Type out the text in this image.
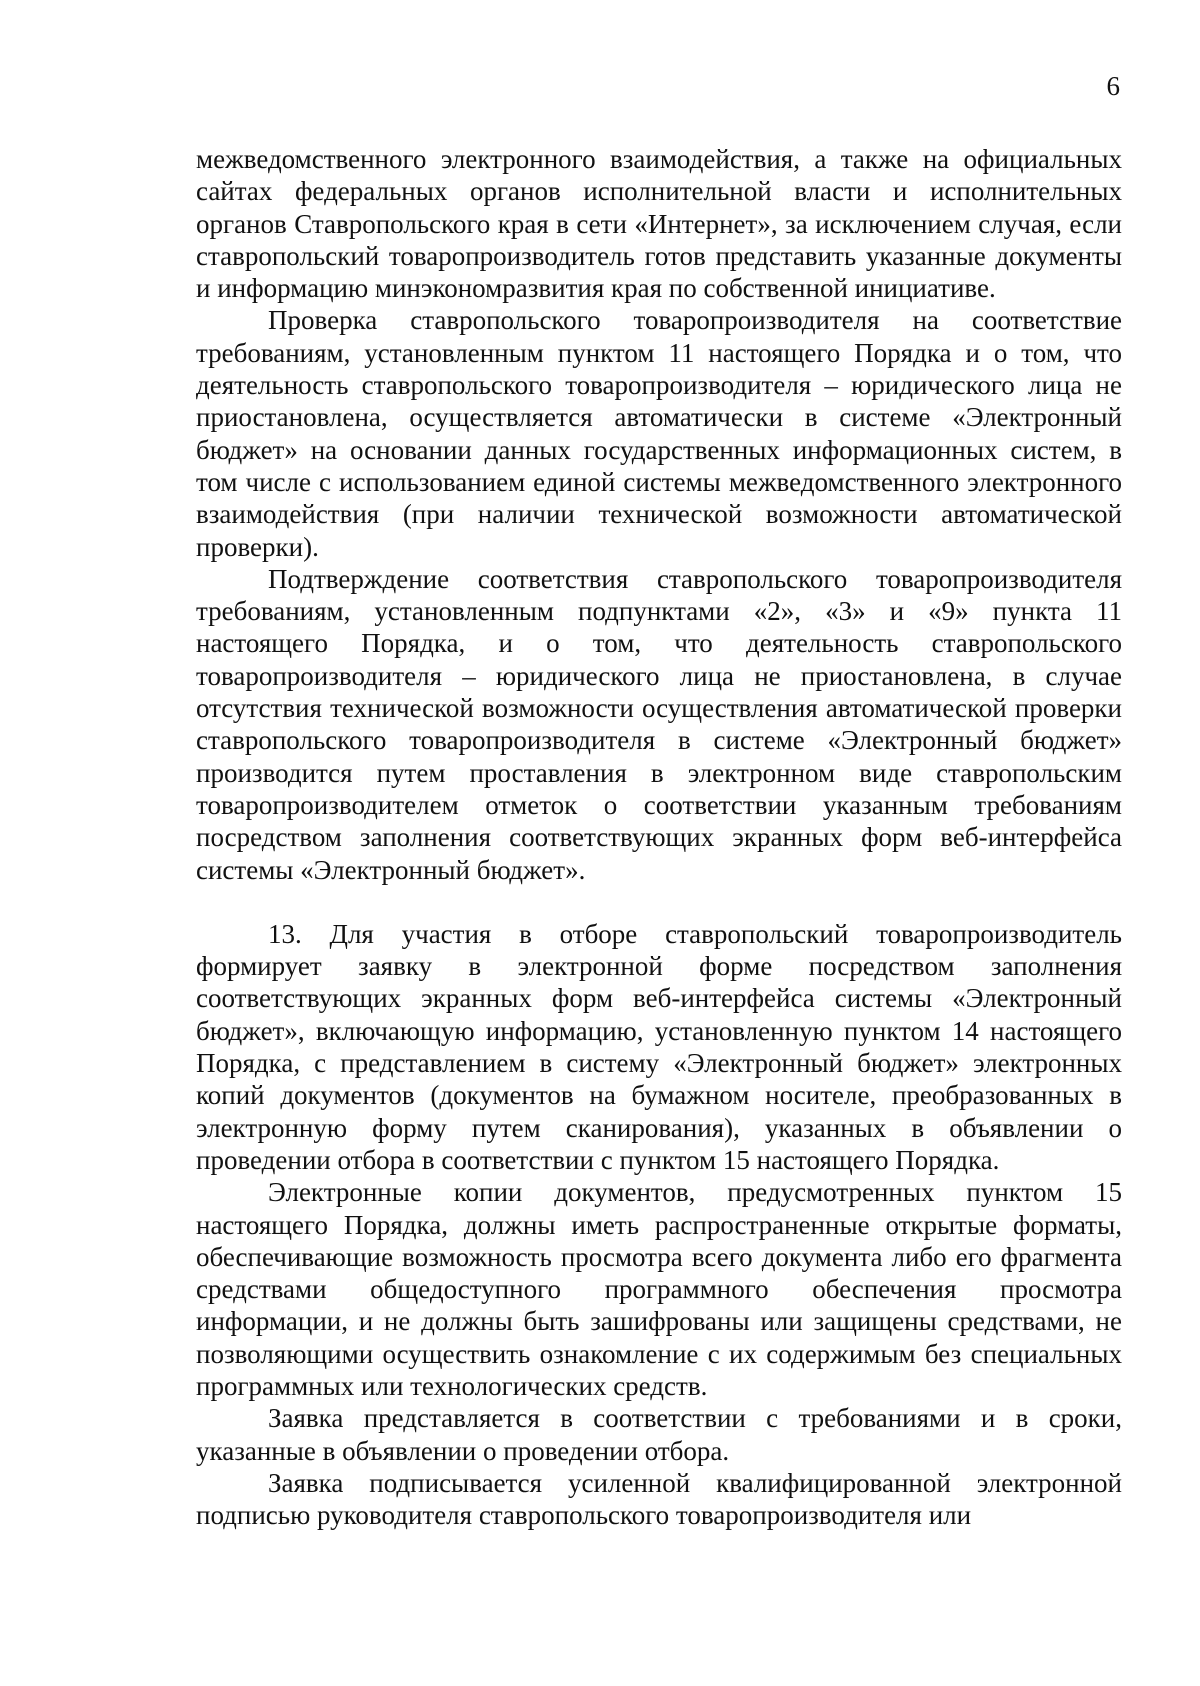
6

межведомственного электронного взаимодействия, а также на официальных сайтах федеральных органов исполнительной власти и исполнительных органов Ставропольского края в сети «Интернет», за исключением случая, если ставропольский товаропроизводитель готов представить указанные документы и информацию минэкономразвития края по собственной инициативе.

Проверка ставропольского товаропроизводителя на соответствие требованиям, установленным пунктом 11 настоящего Порядка и о том, что деятельность ставропольского товаропроизводителя – юридического лица не приостановлена, осуществляется автоматически в системе «Электронный бюджет» на основании данных государственных информационных систем, в том числе с использованием единой системы межведомственного электронного взаимодействия (при наличии технической возможности автоматической проверки).

Подтверждение соответствия ставропольского товаропроизводителя требованиям, установленным подпунктами «2», «3» и «9» пункта 11 настоящего Порядка, и о том, что деятельность ставропольского товаропроизводителя – юридического лица не приостановлена, в случае отсутствия технической возможности осуществления автоматической проверки ставропольского товаропроизводителя в системе «Электронный бюджет» производится путем проставления в электронном виде ставропольским товаропроизводителем отметок о соответствии указанным требованиям посредством заполнения соответствующих экранных форм веб-интерфейса системы «Электронный бюджет».

13. Для участия в отборе ставропольский товаропроизводитель формирует заявку в электронной форме посредством заполнения соответствующих экранных форм веб-интерфейса системы «Электронный бюджет», включающую информацию, установленную пунктом 14 настоящего Порядка, с представлением в систему «Электронный бюджет» электронных копий документов (документов на бумажном носителе, преобразованных в электронную форму путем сканирования), указанных в объявлении о проведении отбора в соответствии с пунктом 15 настоящего Порядка.

Электронные копии документов, предусмотренных пунктом 15 настоящего Порядка, должны иметь распространенные открытые форматы, обеспечивающие возможность просмотра всего документа либо его фрагмента средствами общедоступного программного обеспечения просмотра информации, и не должны быть зашифрованы или защищены средствами, не позволяющими осуществить ознакомление с их содержимым без специальных программных или технологических средств.

Заявка представляется в соответствии с требованиями и в сроки, указанные в объявлении о проведении отбора.

Заявка подписывается усиленной квалифицированной электронной подписью руководителя ставропольского товаропроизводителя или
